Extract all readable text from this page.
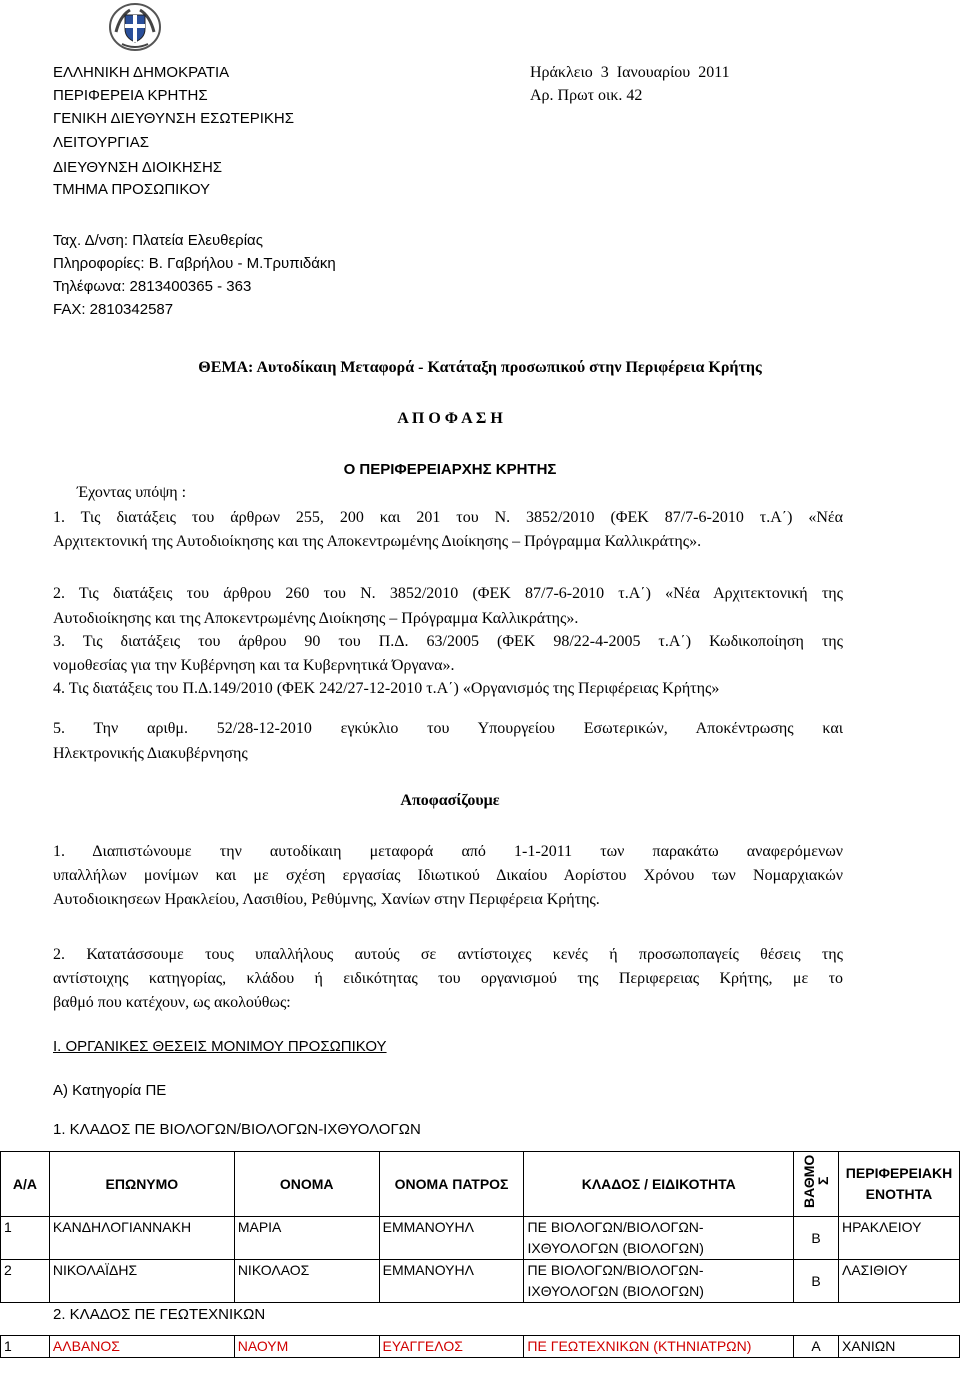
ΕΛΛΗΝΙΚΗ ΔΗΜΟΚΡΑΤΙΑ
ΠΕΡΙΦΕΡΕΙΑ ΚΡΗΤΗΣ
ΓΕΝΙΚΗ ΔΙΕΥΘΥΝΣΗ ΕΣΩΤΕΡΙΚΗΣ
ΛΕΙΤΟΥΡΓΙΑΣ
ΔΙΕΥΘΥΝΣΗ ΔΙΟΙΚΗΣΗΣ
ΤΜΗΜΑ ΠΡΟΣΩΠΙΚΟΥ
Ηράκλειο 3 Ιανουαρίου 2011
Αρ. Πρωτ οικ. 42
Ταχ. Δ/νση: Πλατεία Ελευθερίας
Πληροφορίες: Β. Γαβρήλου - Μ.Τρυπιδάκη
Τηλέφωνα: 2813400365 - 363
FAX: 2810342587
ΘΕΜΑ: Αυτοδίκαιη Μεταφορά - Κατάταξη προσωπικού στην Περιφέρεια Κρήτης
Α Π Ο Φ Α Σ Η
Ο ΠΕΡΙΦΕΡΕΙΑΡΧΗΣ ΚΡΗΤΗΣ
Έχοντας υπόψη :
1. Τις διατάξεις του άρθρων 255, 200 και 201 του Ν. 3852/2010 (ΦΕΚ 87/7-6-2010 τ.Α΄) «Νέα
Αρχιτεκτονική της Αυτοδιοίκησης και της Αποκεντρωμένης Διοίκησης – Πρόγραμμα Καλλικράτης».
2. Τις διατάξεις του άρθρου 260 του Ν. 3852/2010 (ΦΕΚ 87/7-6-2010 τ.Α΄) «Νέα Αρχιτεκτονική της
Αυτοδιοίκησης και της Αποκεντρωμένης Διοίκησης – Πρόγραμμα Καλλικράτης».
3. Τις διατάξεις του άρθρου 90 του Π.Δ. 63/2005 (ΦΕΚ 98/22-4-2005 τ.Α΄) Κωδικοποίηση της
νομοθεσίας για την Κυβέρνηση και τα Κυβερνητικά Όργανα».
4. Τις διατάξεις του Π.Δ.149/2010 (ΦΕΚ 242/27-12-2010 τ.Α΄) «Οργανισμός της Περιφέρειας Κρήτης»
5. Την αριθμ. 52/28-12-2010 εγκύκλιο του Υπουργείου Εσωτερικών, Αποκέντρωσης και
Ηλεκτρονικής Διακυβέρνησης
Αποφασίζουμε
1. Διαπιστώνουμε την αυτοδίκαιη μεταφορά από 1-1-2011 των παρακάτω αναφερόμενων
υπαλλήλων μονίμων και με σχέση εργασίας Ιδιωτικού Δικαίου Αορίστου Χρόνου των Νομαρχιακών
Αυτοδιοικησεων Ηρακλείου, Λασιθίου, Ρεθύμνης, Χανίων στην Περιφέρεια Κρήτης.
2. Κατατάσσουμε τους υπαλλήλους αυτούς σε αντίστοιχες κενές ή προσωποπαγείς θέσεις της
αντίστοιχης κατηγορίας, κλάδου ή ειδικότητας του οργανισμού της Περιφερειας Κρήτης, με το
βαθμό που κατέχουν, ως ακολούθως:
Ι. ΟΡΓΑΝΙΚΕΣ ΘΕΣΕΙΣ ΜΟΝΙΜΟΥ ΠΡΟΣΩΠΙΚΟΥ
Α) Κατηγορία ΠΕ
1. ΚΛΑΔΟΣ ΠΕ ΒΙΟΛΟΓΩΝ/ΒΙΟΛΟΓΩΝ-ΙΧΘΥΟΛΟΓΩΝ
Α/Α	ΕΠΩΝΥΜΟ	ΟΝΟΜΑ	ΟΝΟΜΑ ΠΑΤΡΟΣ	ΚΛΑΔΟΣ / ΕΙΔΙΚΟΤΗΤΑ	ΒΑΘΜΟ Σ	ΠΕΡΙΦΕΡΕΙΑΚΗ ΕΝΟΤΗΤΑ
1	ΚΑΝΔΗΛΟΓΙΑΝΝΑΚΗ	ΜΑΡΙΑ	ΕΜΜΑΝΟΥΗΛ	ΠΕ ΒΙΟΛΟΓΩΝ/ΒΙΟΛΟΓΩΝ-
ΙΧΘΥΟΛΟΓΩΝ (ΒΙΟΛΟΓΩΝ)	Β	ΗΡΑΚΛΕΙΟΥ
2	ΝΙΚΟΛΑΪΔΗΣ	ΝΙΚΟΛΑΟΣ	ΕΜΜΑΝΟΥΗΛ	ΠΕ ΒΙΟΛΟΓΩΝ/ΒΙΟΛΟΓΩΝ-
ΙΧΘΥΟΛΟΓΩΝ (ΒΙΟΛΟΓΩΝ)	Β	ΛΑΣΙΘΙΟΥ
2. ΚΛΑΔΟΣ ΠΕ ΓΕΩΤΕΧΝΙΚΩΝ
1	ΑΛΒΑΝΟΣ	ΝΑΟΥΜ	ΕΥΑΓΓΕΛΟΣ	ΠΕ ΓΕΩΤΕΧΝΙΚΩΝ (ΚΤΗΝΙΑΤΡΩΝ)	Α	ΧΑΝΙΩΝ
